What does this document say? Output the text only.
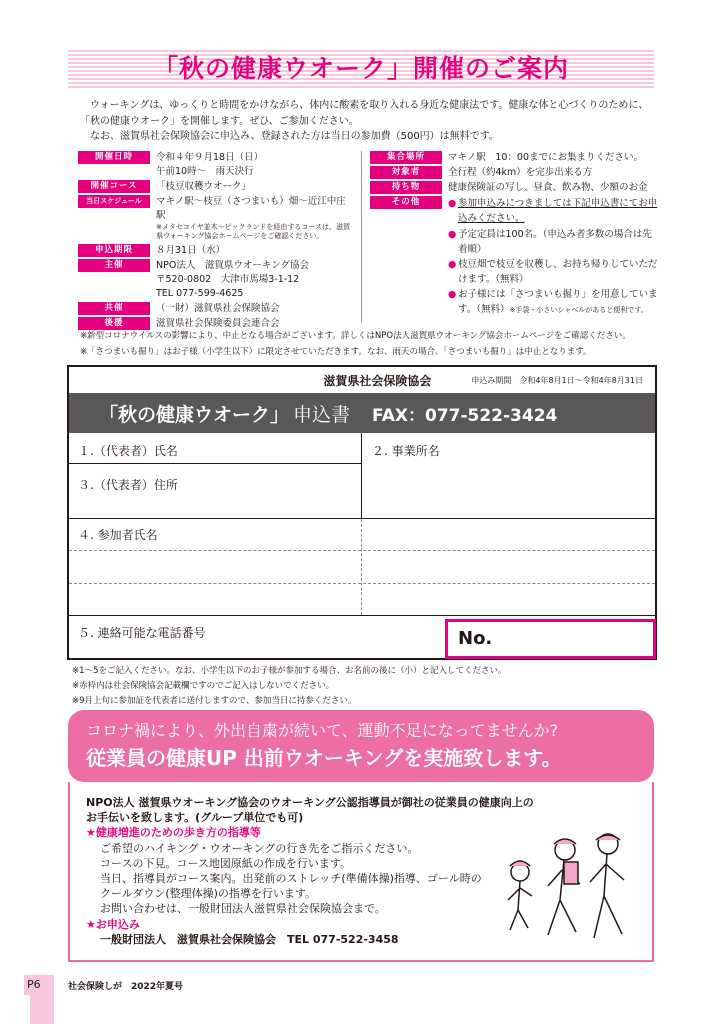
「秋の健康ウオーク」開催のご案内
ウォーキングは、ゆっくりと時間をかけながら、体内に酸素を取り入れる身近な健康法です。健康な体と心づくりのために、
「秋の健康ウオーク」を開催します。ぜひ、ご参加ください。
なお、滋賀県社会保険協会に申込み、登録された方は当日の参加費（500円）は無料です。
開催日時	令和４年９月18日（日）
午前10時～　雨天決行
開催コース	「枝豆収穫ウオーク」
当日スケジュール	マキノ駅～枝豆（さつまいも）畑～近江中庄駅
※メタセコイヤ並木～ピックランドを経由するコースは、滋賀県ウォーキング協会ホームページをご確認ください。
申込期限	８月31日（水）
主催	NPO法人　滋賀県ウオーキング協会
〒520-0802　大津市馬場3-1-12
TEL 077-599-4625
共催	（一財）滋賀県社会保険協会
後援	滋賀県社会保険委員会連合会
集合場所	マキノ駅　10：00までにお集まりください。
対象者	全行程（約4km）を完歩出来る方
持ち物	健康保険証の写し、昼食、飲み物、少額のお金
その他	● 参加申込みにつきましては下記申込書にてお申込みください。
● 予定定員は100名。（申込み者多数の場合は先着順）
● 枝豆畑で枝豆を収穫し、お持ち帰りしていただけます。（無料）
● お子様には「さつまいも掘り」を用意しています。（無料）※手袋・小さいシャベルがあると便利です。
※新型コロナウイルスの影響により、中止となる場合がございます。詳しくはNPO法人滋賀県ウオーキング協会ホームページをご確認ください。
※「さつまいも掘り」はお子様（小学生以下）に限定させていただきます。なお、雨天の場合、「さつまいも掘り」は中止となります。
滋賀県社会保険協会	申込み期間　令和4年8月1日～令和4年8月31日
「秋の健康ウオーク」 申込書 FAX：077-522-3424
１.（代表者）氏名	２. 事業所名
３.（代表者）住所
４. 参加者氏名
５. 連絡可能な電話番号	No.
※1～5をご記入ください。なお、小学生以下のお子様が参加する場合、お名前の後に（小）と記入してください。
※赤枠内は社会保険協会記載欄ですのでご記入はしないでください。
※9月上旬に参加証を代表者に送付しますので、参加当日に持参ください。
コロナ禍により、外出自粛が続いて、運動不足になってませんか?
従業員の健康UP 出前ウオーキングを実施致します。
NPO法人 滋賀県ウオーキング協会のウオーキング公認指導員が御社の従業員の健康向上の
お手伝いを致します。(グループ単位でも可)
★健康増進のための歩き方の指導等
ご希望のハイキング・ウオーキングの行き先をご指示ください。
コースの下見。コース地図原紙の作成を行います。
当日、指導員がコース案内。出発前のストレッチ(準備体操)指導、ゴール時の
クールダウン(整理体操)の指導を行います。
お問い合わせは、一般財団法人滋賀県社会保険協会まで。
★お申込み
一般財団法人　滋賀県社会保険協会　TEL 077-522-3458
P6	社会保険しが　2022年夏号
